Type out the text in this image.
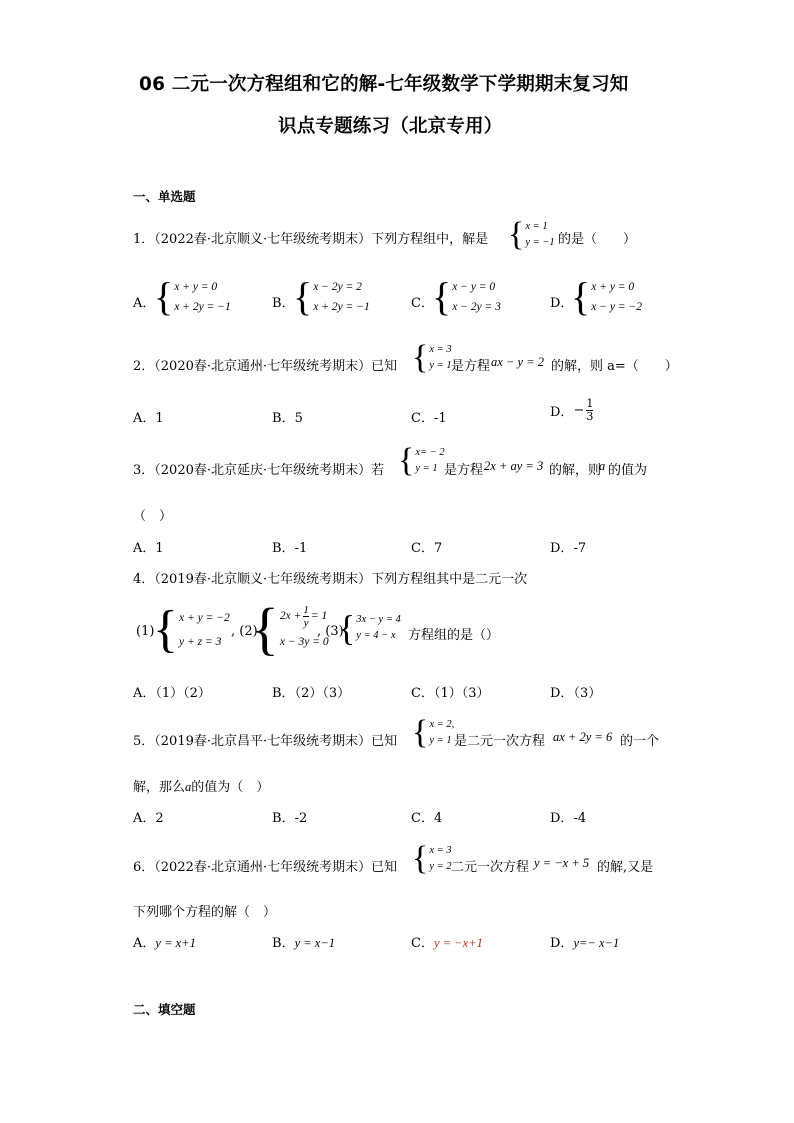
06 二元一次方程组和它的解-七年级数学下学期期末复习知
识点专题练习（北京专用）
一、单选题
1．（2022春·北京顺义·七年级统考期末）下列方程组中，解是 { x = 1
y = −1 的是（　　）
A．
{ x + y = 0
x + 2y = −1	B．
{ x − 2y = 2
x + 2y = −1	C．
{ x − y = 0
x − 2y = 3	D．
{ x + y = 0
x − y = −2
2．（2020春·北京通州·七年级统考期末）已知 { x = 3
y = 1 是方程 ax − y = 2 的解，则 a=（　　）
A．1	B．5	C．-1	D． − $\frac{1}{3}$
3．（2020春·北京延庆·七年级统考期末）若 { x= − 2
y = 1 是方程 2x + ay = 3 的解，则
a 的值为
（　）
A．1	B．-1	C．7	D．-7
4．（2019春·北京顺义·七年级统考期末）下列方程组其中是二元一次
(1)
{ x + y = −2
y + z = 3
, (2)
{ $2x + \frac{1}{y} = 1$
x − 3y = 0
, (3)
{ 3x − y = 4
y = 4 − x 方程组的是（）
A．（1）（2）	B．（2）（3）	C．（1）（3）	D．（3）
5．（2019春·北京昌平·七年级统考期末）已知 { x = 2,
y = 1 是二元一次方程 ax + 2y = 6 的一个
解，那么a的值为（　）
A．2	B．-2	C．4	D．-4
6．（2022春·北京通州·七年级统考期末）已知 { x = 3
y = 2 二元一次方程 y = −x + 5 的解,又是
下列哪个方程的解（　）
A．y = x+1	B．y = x−1	C．y = −x+1	D．y=− x−1
二、填空题
